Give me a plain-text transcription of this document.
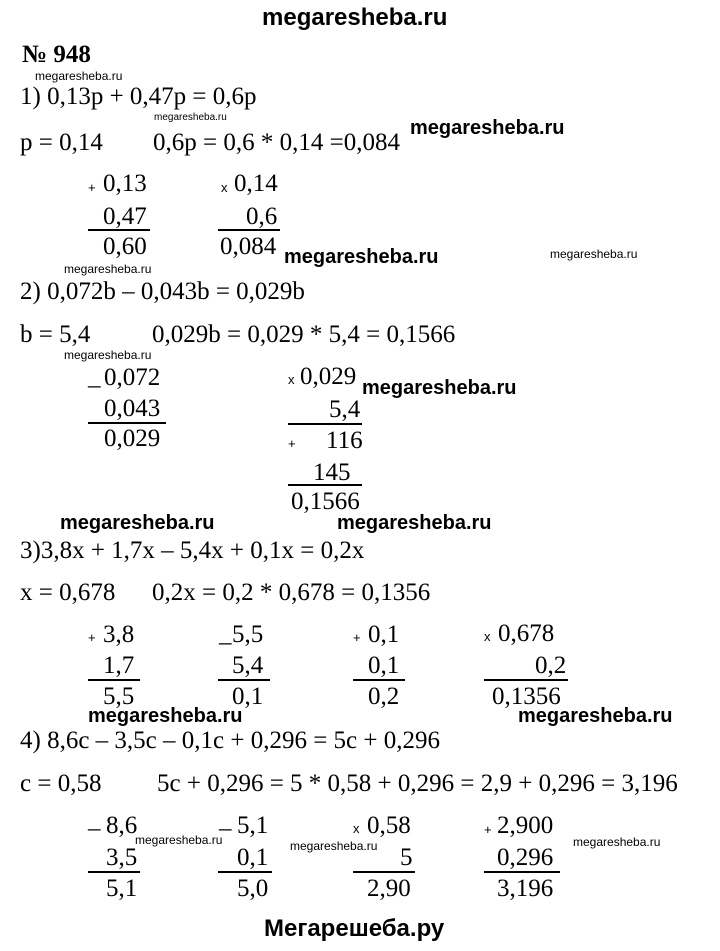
megaresheba.ru
Мегарешеба.ру
№ 948
megaresheba.ru
megaresheba.ru	megaresheba.ru
megaresheba.ru
megaresheba.ru	megaresheba.ru
megaresheba.ru
megaresheba.ru
megaresheba.ru	megaresheba.ru
megaresheba.ru	megaresheba.ru
megaresheba.ru	megaresheba.ru	megaresheba.ru
1) 0,13p + 0,47p = 0,6p
p = 0,14 0,6p = 0,6 * 0,14 =0,084
+ 0,13
0,47
0,60
x 0,14
0,6
0,084
2) 0,072b – 0,043b = 0,029b
b = 5,4 0,029b = 0,029 * 5,4 = 0,1566
_ 0,072
0,043
0,029
x 0,029
5,4
+ 116
145
0,1566
3)3,8x + 1,7x – 5,4x + 0,1x = 0,2x
x = 0,678 0,2x = 0,2 * 0,678 = 0,1356
+ 3,8
1,7
5,5
_ 5,5
5,4
0,1
+ 0,1
0,1
0,2
x 0,678
0,2
0,1356
4) 8,6c – 3,5c – 0,1c + 0,296 = 5c + 0,296
c = 0,58 5c + 0,296 = 5 * 0,58 + 0,296 = 2,9 + 0,296 = 3,196
– 8,6
3,5
5,1
– 5,1
0,1
5,0
x 0,58
5
2,90
+ 2,900
0,296
3,196
